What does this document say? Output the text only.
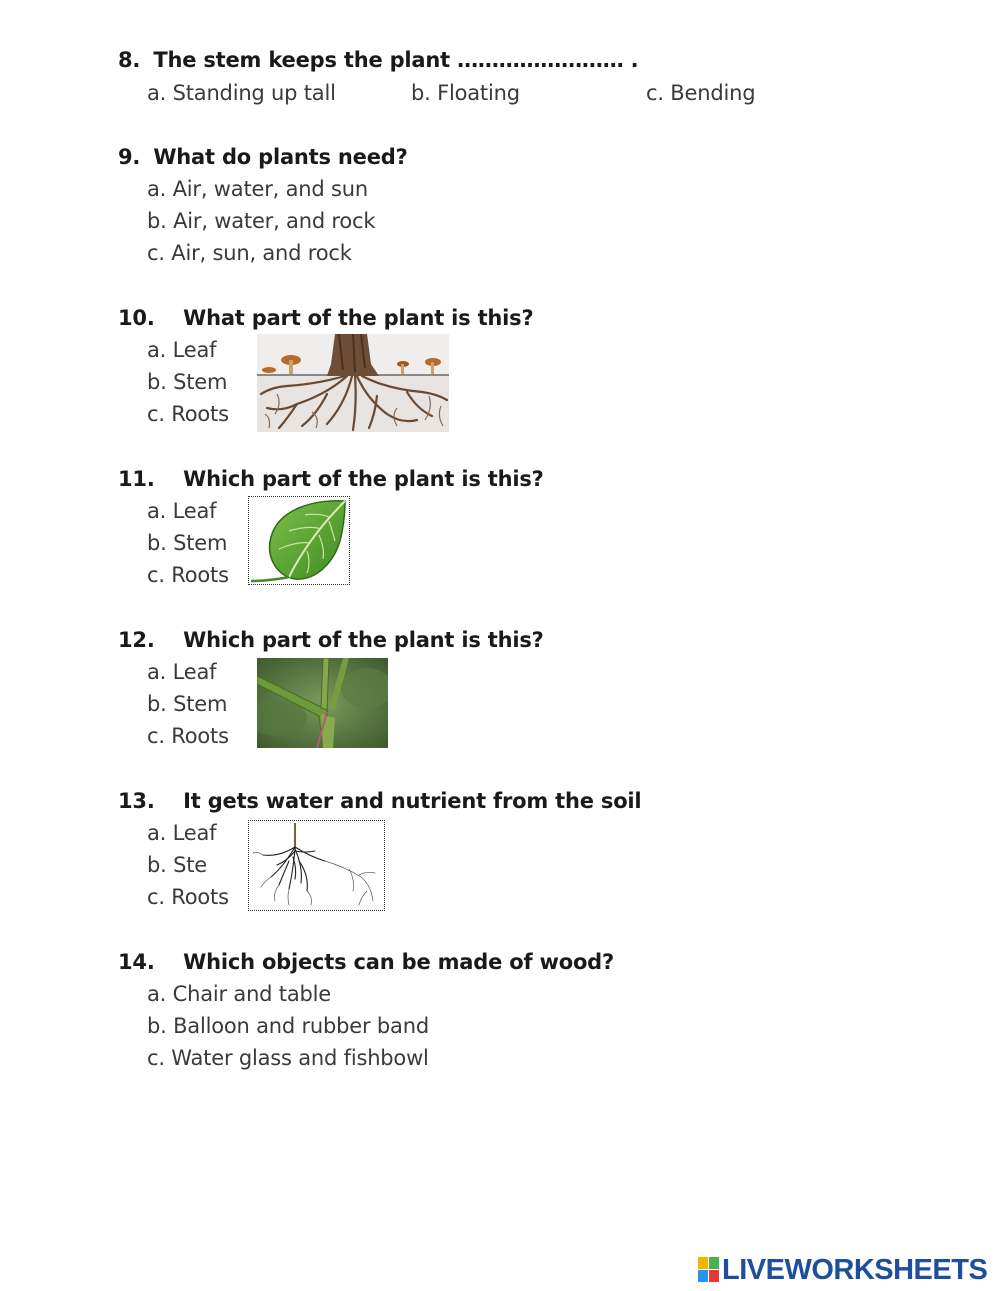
8. The stem keeps the plant …………………… .
a. Standing up tall	b. Floating	c. Bending
9. What do plants need?
a. Air, water, and sun
b. Air, water, and rock
c. Air, sun, and rock
10. What part of the plant is this?
a. Leaf
b. Stem
c. Roots
11. Which part of the plant is this?
a. Leaf
b. Stem
c. Roots
12. Which part of the plant is this?
a. Leaf
b. Stem
c. Roots
13. It gets water and nutrient from the soil
a. Leaf
b. Ste
c. Roots
14. Which objects can be made of wood?
a. Chair and table
b. Balloon and rubber band
c. Water glass and fishbowl
LIVEWORKSHEETS
